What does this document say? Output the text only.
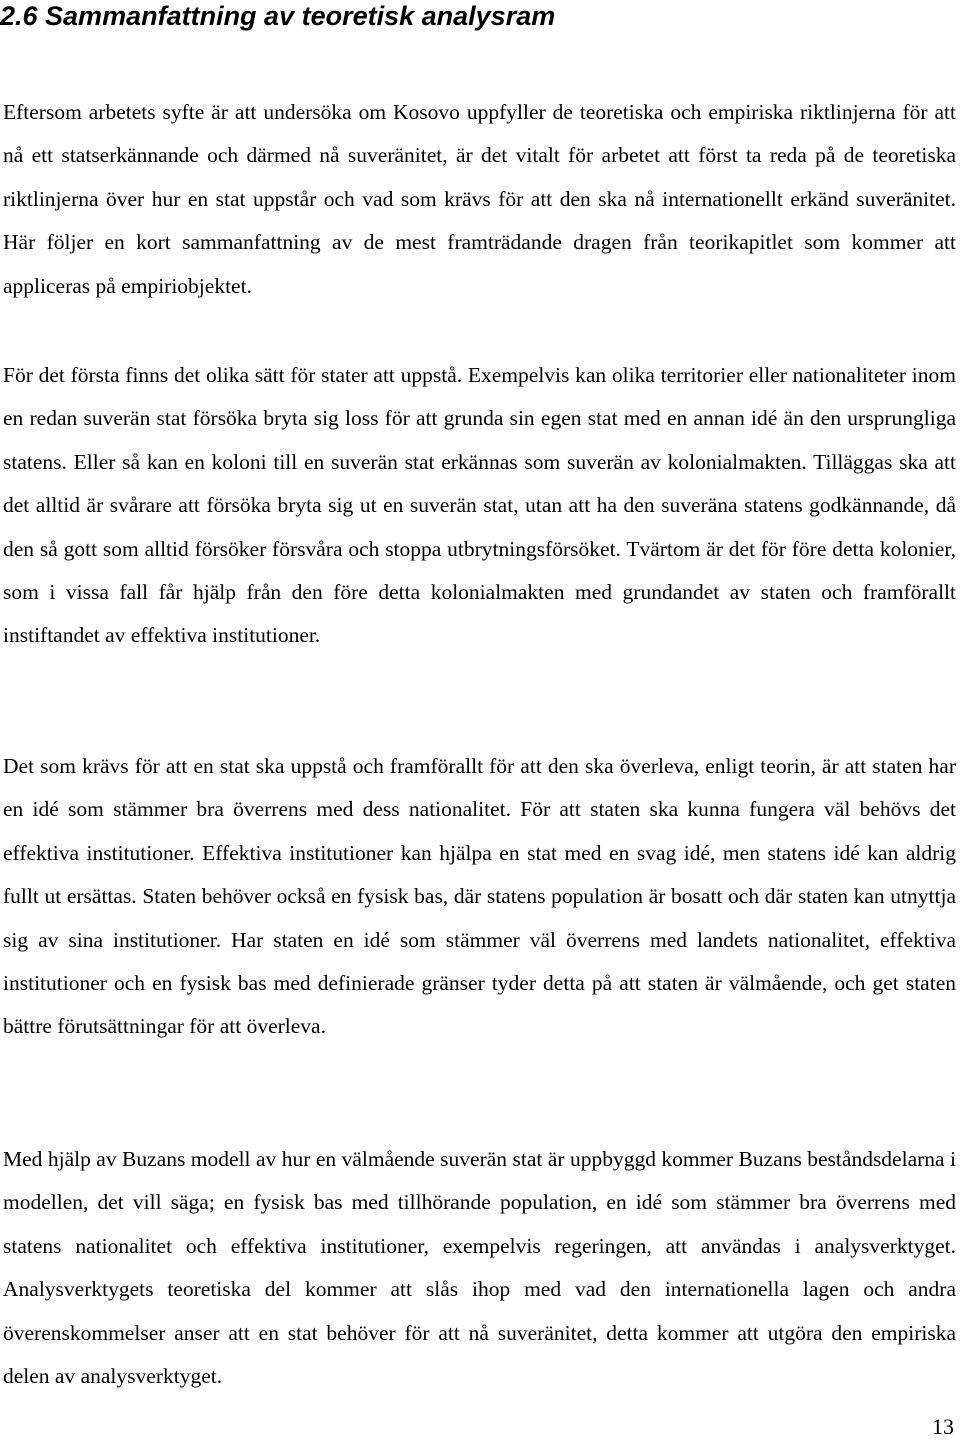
2.6 Sammanfattning av teoretisk analysram

Eftersom arbetets syfte är att undersöka om Kosovo uppfyller de teoretiska och empiriska riktlinjerna för att nå ett statserkännande och därmed nå suveränitet, är det vitalt för arbetet att först ta reda på de teoretiska riktlinjerna över hur en stat uppstår och vad som krävs för att den ska nå internationellt erkänd suveränitet. Här följer en kort sammanfattning av de mest framträdande dragen från teorikapitlet som kommer att appliceras på empiriobjektet.

För det första finns det olika sätt för stater att uppstå. Exempelvis kan olika territorier eller nationaliteter inom en redan suverän stat försöka bryta sig loss för att grunda sin egen stat med en annan idé än den ursprungliga statens. Eller så kan en koloni till en suverän stat erkännas som suverän av kolonialmakten. Tilläggas ska att det alltid är svårare att försöka bryta sig ut en suverän stat, utan att ha den suveräna statens godkännande, då den så gott som alltid försöker försvåra och stoppa utbrytningsförsöket. Tvärtom är det för före detta kolonier, som i vissa fall får hjälp från den före detta kolonialmakten med grundandet av staten och framförallt instiftandet av effektiva institutioner.

Det som krävs för att en stat ska uppstå och framförallt för att den ska överleva, enligt teorin, är att staten har en idé som stämmer bra överrens med dess nationalitet. För att staten ska kunna fungera väl behövs det effektiva institutioner. Effektiva institutioner kan hjälpa en stat med en svag idé, men statens idé kan aldrig fullt ut ersättas. Staten behöver också en fysisk bas, där statens population är bosatt och där staten kan utnyttja sig av sina institutioner. Har staten en idé som stämmer väl överrens med landets nationalitet, effektiva institutioner och en fysisk bas med definierade gränser tyder detta på att staten är välmående, och get staten bättre förutsättningar för att överleva.

Med hjälp av Buzans modell av hur en välmående suverän stat är uppbyggd kommer Buzans beståndsdelarna i modellen, det vill säga; en fysisk bas med tillhörande population, en idé som stämmer bra överrens med statens nationalitet och effektiva institutioner, exempelvis regeringen, att användas i analysverktyget. Analysverktygets teoretiska del kommer att slås ihop med vad den internationella lagen och andra överenskommelser anser att en stat behöver för att nå suveränitet, detta kommer att utgöra den empiriska delen av analysverktyget.

13
